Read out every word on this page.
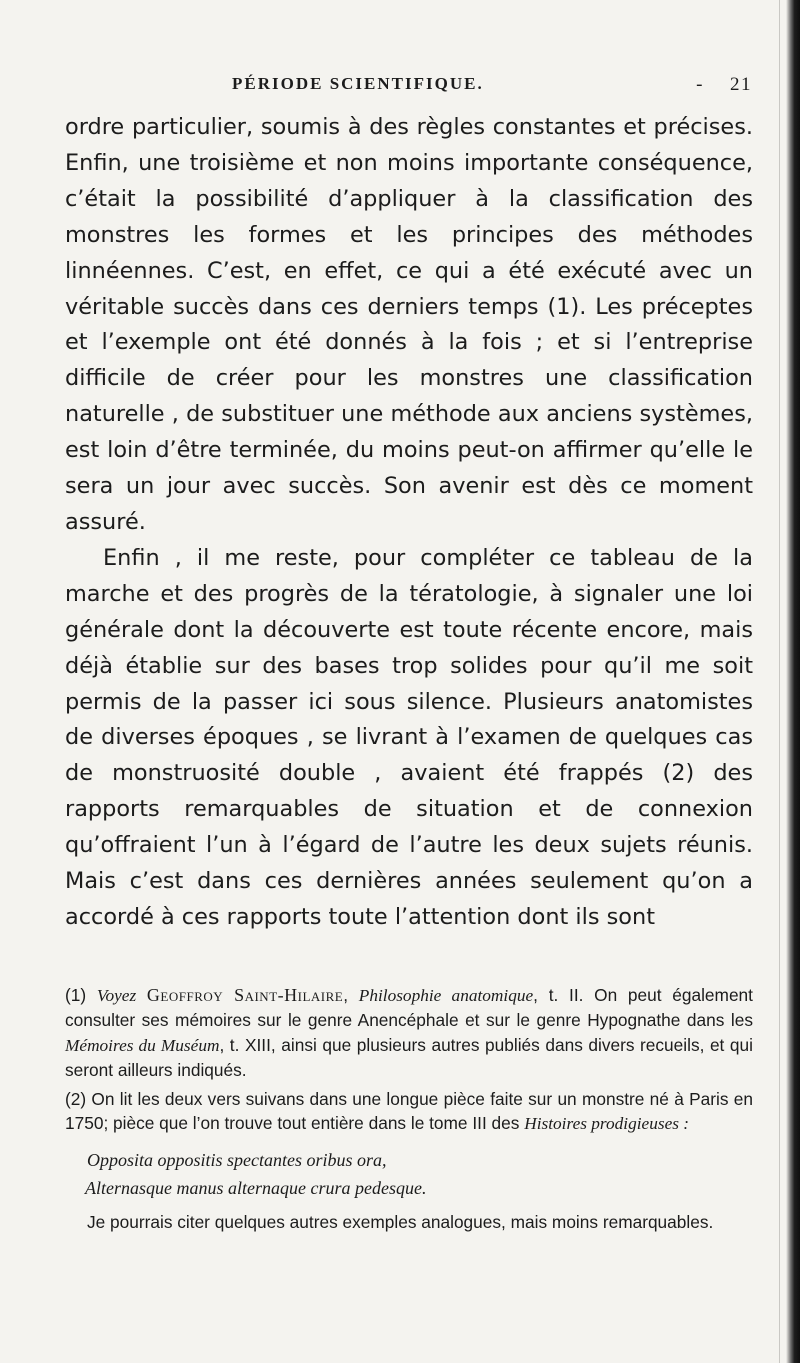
PÉRIODE SCIENTIFIQUE.	- 21

ordre particulier, soumis à des règles constantes et précises. Enfin, une troisième et non moins importante conséquence, c’était la possibilité d’appliquer à la classification des monstres les formes et les principes des méthodes linnéennes. C’est, en effet, ce qui a été exécuté avec un véritable succès dans ces derniers temps (1). Les préceptes et l’exemple ont été donnés à la fois ; et si l’entreprise difficile de créer pour les monstres une classification naturelle , de substituer une méthode aux anciens systèmes, est loin d’être terminée, du moins peut-on affirmer qu’elle le sera un jour avec succès. Son avenir est dès ce moment assuré.

Enfin , il me reste, pour compléter ce tableau de la marche et des progrès de la tératologie, à signaler une loi générale dont la découverte est toute récente encore, mais déjà établie sur des bases trop solides pour qu’il me soit permis de la passer ici sous silence. Plusieurs anatomistes de diverses époques , se livrant à l’examen de quelques cas de monstruosité double , avaient été frappés (2) des rapports remarquables de situation et de connexion qu’offraient l’un à l’égard de l’autre les deux sujets réunis. Mais c’est dans ces dernières années seulement qu’on a accordé à ces rapports toute l’attention dont ils sont

(1) Voyez Geoffroy Saint-Hilaire, Philosophie anatomique, t. II. On peut également consulter ses mémoires sur le genre Anencéphale et sur le genre Hypognathe dans les Mémoires du Muséum, t. XIII, ainsi que plusieurs autres publiés dans divers recueils, et qui seront ailleurs indiqués.

(2) On lit les deux vers suivans dans une longue pièce faite sur un monstre né à Paris en 1750; pièce que l’on trouve tout entière dans le tome III des Histoires prodigieuses :

Opposita oppositis spectantes oribus ora,

Alternasque manus alternaque crura pedesque.

Je pourrais citer quelques autres exemples analogues, mais moins remarquables.
